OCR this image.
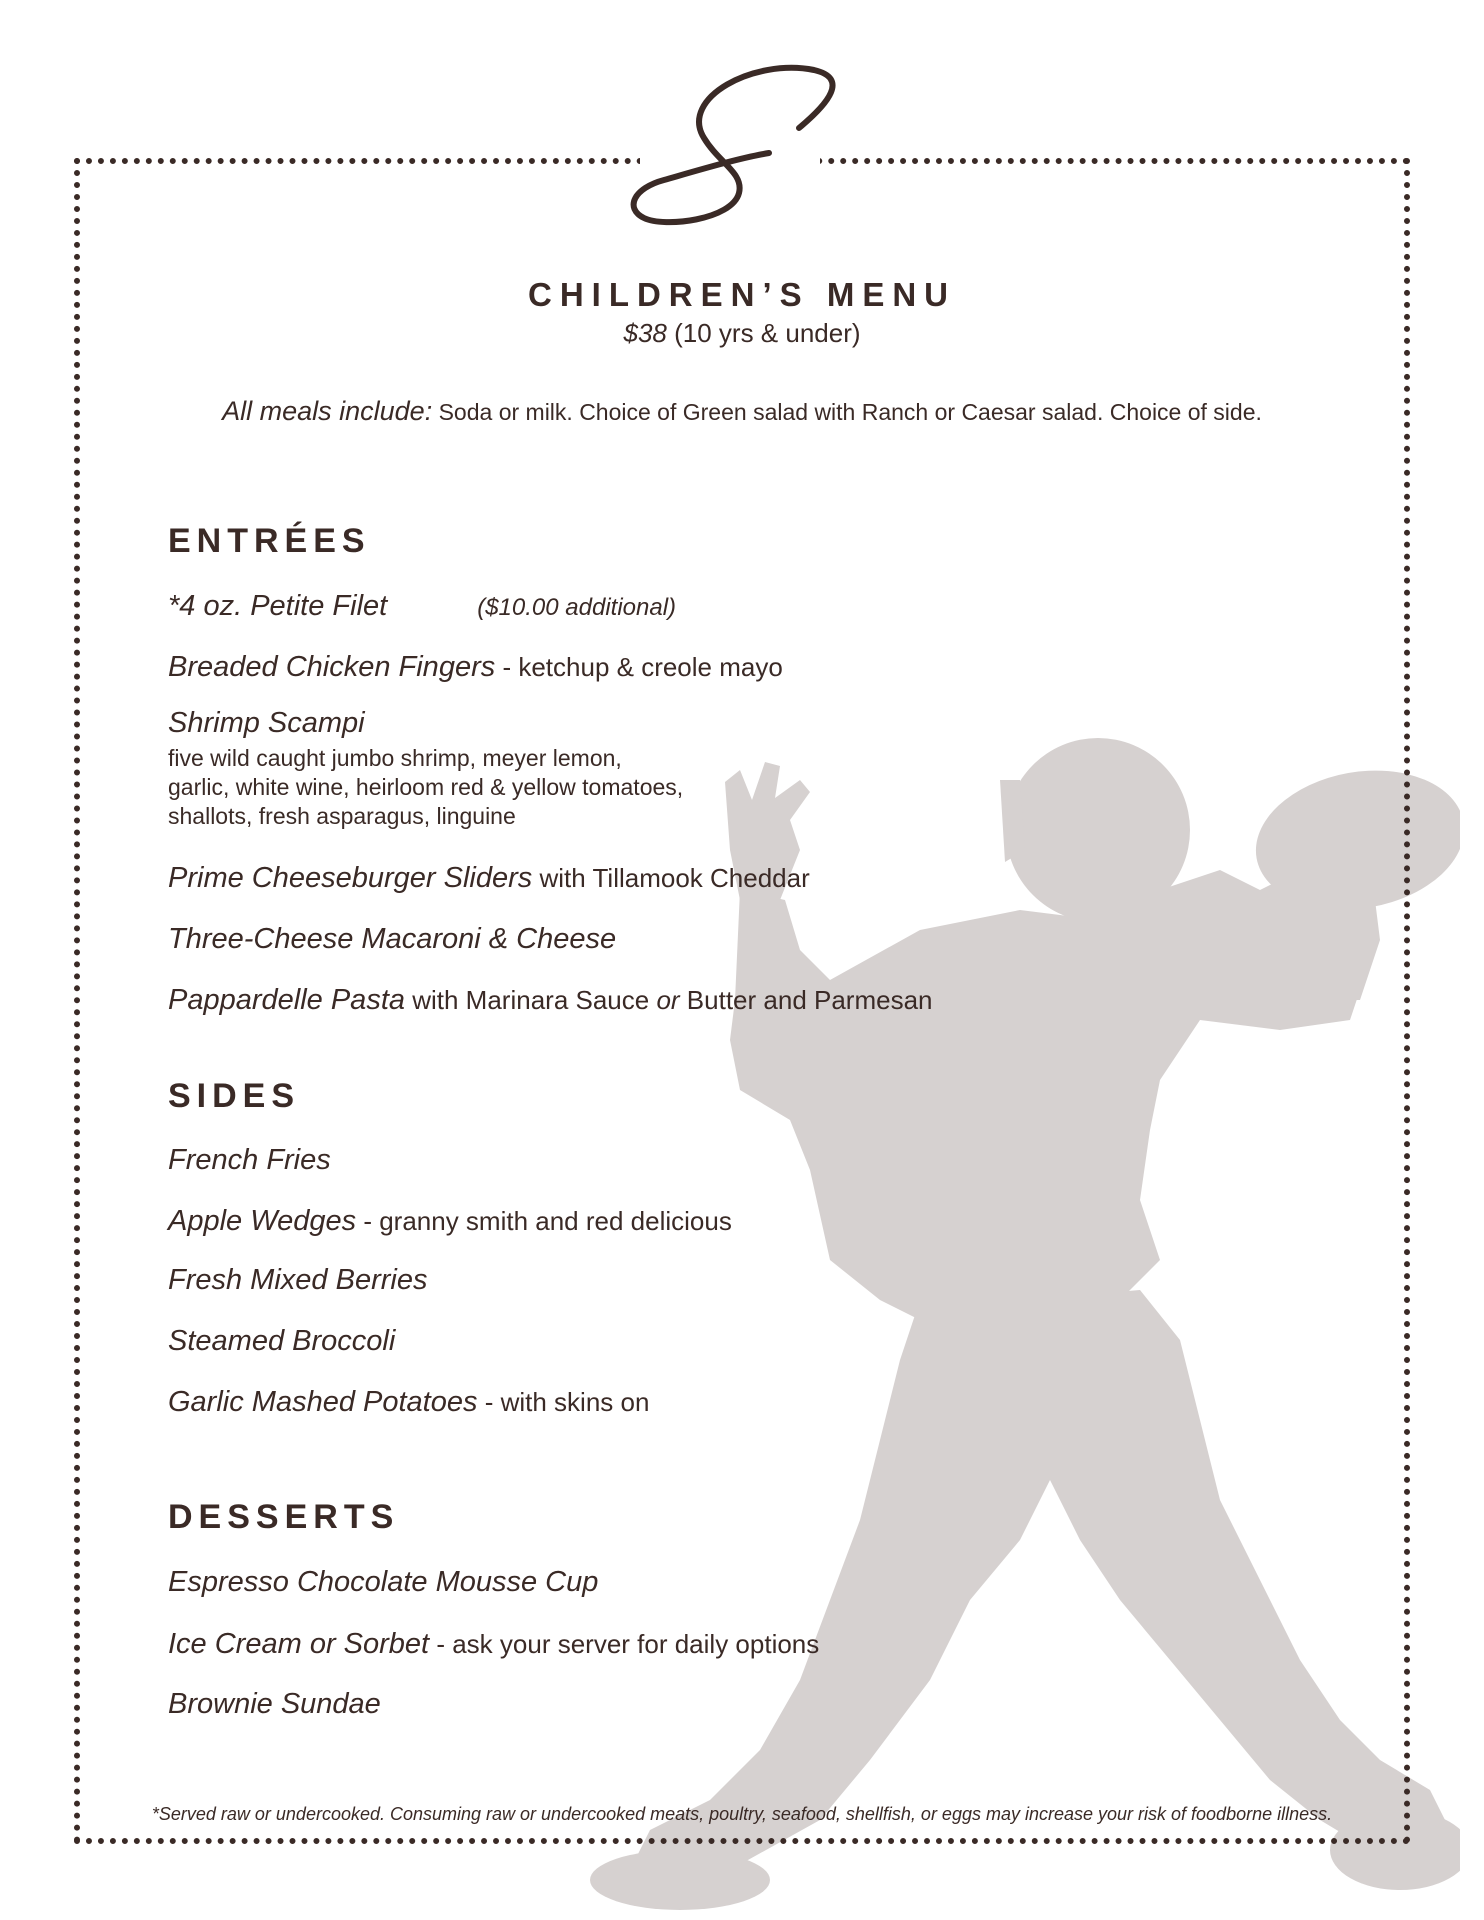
CHILDREN’S MENU
$38 (10 yrs & under)
All meals include: Soda or milk. Choice of Green salad with Ranch or Caesar salad. Choice of side.
ENTRÉES
*4 oz. Petite Filet	($10.00 additional)
Breaded Chicken Fingers - ketchup & creole mayo
Shrimp Scampi
five wild caught jumbo shrimp, meyer lemon,
garlic, white wine, heirloom red & yellow tomatoes,
shallots, fresh asparagus, linguine
Prime Cheeseburger Sliders with Tillamook Cheddar
Three-Cheese Macaroni & Cheese
Pappardelle Pasta with Marinara Sauce or Butter and Parmesan
SIDES
French Fries
Apple Wedges - granny smith and red delicious
Fresh Mixed Berries
Steamed Broccoli
Garlic Mashed Potatoes - with skins on
DESSERTS
Espresso Chocolate Mousse Cup
Ice Cream or Sorbet - ask your server for daily options
Brownie Sundae
*Served raw or undercooked. Consuming raw or undercooked meats, poultry, seafood, shellfish, or eggs may increase your risk of foodborne illness.
